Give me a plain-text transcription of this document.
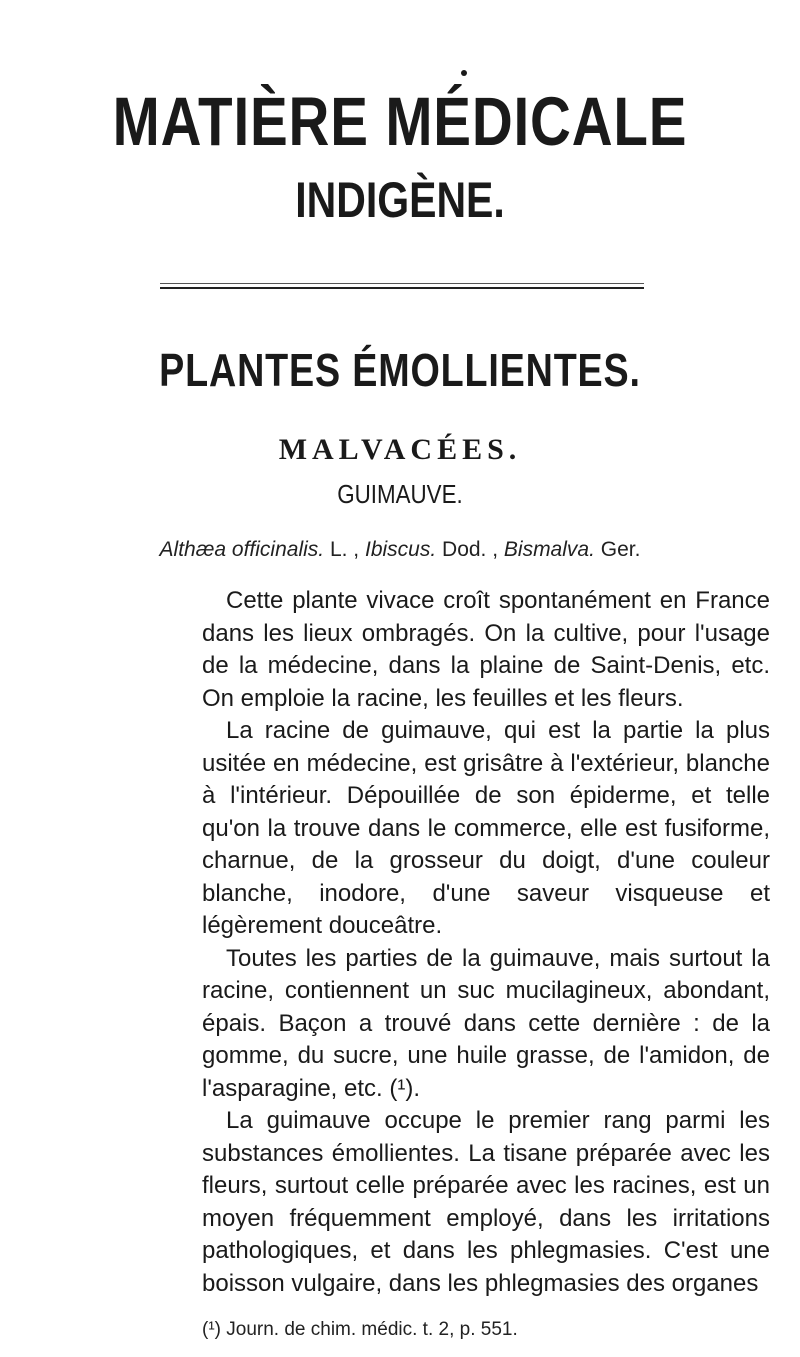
MATIÈRE MÉDICALE
INDIGÈNE.
PLANTES ÉMOLLIENTES.
MALVACÉES.
GUIMAUVE.
Althæa officinalis. L. , Ibiscus. Dod. , Bismalva. Ger.

Cette plante vivace croît spontanément en France dans les lieux ombragés. On la cultive, pour l'usage de la médecine, dans la plaine de Saint-Denis, etc. On emploie la racine, les feuilles et les fleurs.

La racine de guimauve, qui est la partie la plus usitée en médecine, est grisâtre à l'extérieur, blanche à l'intérieur. Dépouillée de son épiderme, et telle qu'on la trouve dans le commerce, elle est fusiforme, charnue, de la grosseur du doigt, d'une couleur blanche, inodore, d'une saveur visqueuse et légèrement douceâtre.

Toutes les parties de la guimauve, mais surtout la racine, contiennent un suc mucilagineux, abondant, épais. Baçon a trouvé dans cette dernière : de la gomme, du sucre, une huile grasse, de l'amidon, de l'asparagine, etc. (¹).

La guimauve occupe le premier rang parmi les substances émollientes. La tisane préparée avec les fleurs, surtout celle préparée avec les racines, est un moyen fréquemment employé, dans les irritations pathologiques, et dans les phlegmasies. C'est une boisson vulgaire, dans les phlegmasies des organes

(¹) Journ. de chim. médic. t. 2, p. 551.
